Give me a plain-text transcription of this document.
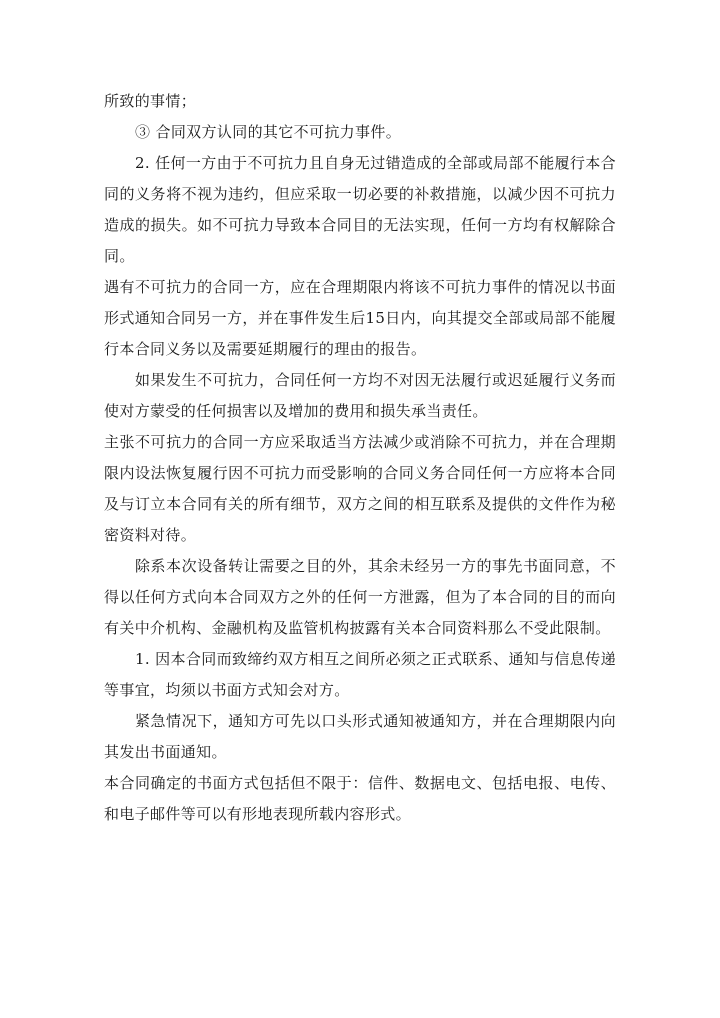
所致的事情；

③ 合同双方认同的其它不可抗力事件。

2. 任何一方由于不可抗力且自身无过错造成的全部或局部不能履行本合同的义务将不视为违约，但应采取一切必要的补救措施，以减少因不可抗力造成的损失。如不可抗力导致本合同目的无法实现，任何一方均有权解除合同。

遇有不可抗力的合同一方，应在合理期限内将该不可抗力事件的情况以书面形式通知合同另一方，并在事件发生后15日内，向其提交全部或局部不能履行本合同义务以及需要延期履行的理由的报告。

如果发生不可抗力，合同任何一方均不对因无法履行或迟延履行义务而使对方蒙受的任何损害以及增加的费用和损失承当责任。

主张不可抗力的合同一方应采取适当方法减少或消除不可抗力，并在合理期限内设法恢复履行因不可抗力而受影响的合同义务合同任何一方应将本合同及与订立本合同有关的所有细节，双方之间的相互联系及提供的文件作为秘密资料对待。

除系本次设备转让需要之目的外，其余未经另一方的事先书面同意，不得以任何方式向本合同双方之外的任何一方泄露，但为了本合同的目的而向有关中介机构、金融机构及监管机构披露有关本合同资料那么不受此限制。

1. 因本合同而致缔约双方相互之间所必须之正式联系、通知与信息传递等事宜，均须以书面方式知会对方。

紧急情况下，通知方可先以口头形式通知被通知方，并在合理期限内向其发出书面通知。

本合同确定的书面方式包括但不限于：信件、数据电文、包括电报、电传、和电子邮件等可以有形地表现所载内容形式。
